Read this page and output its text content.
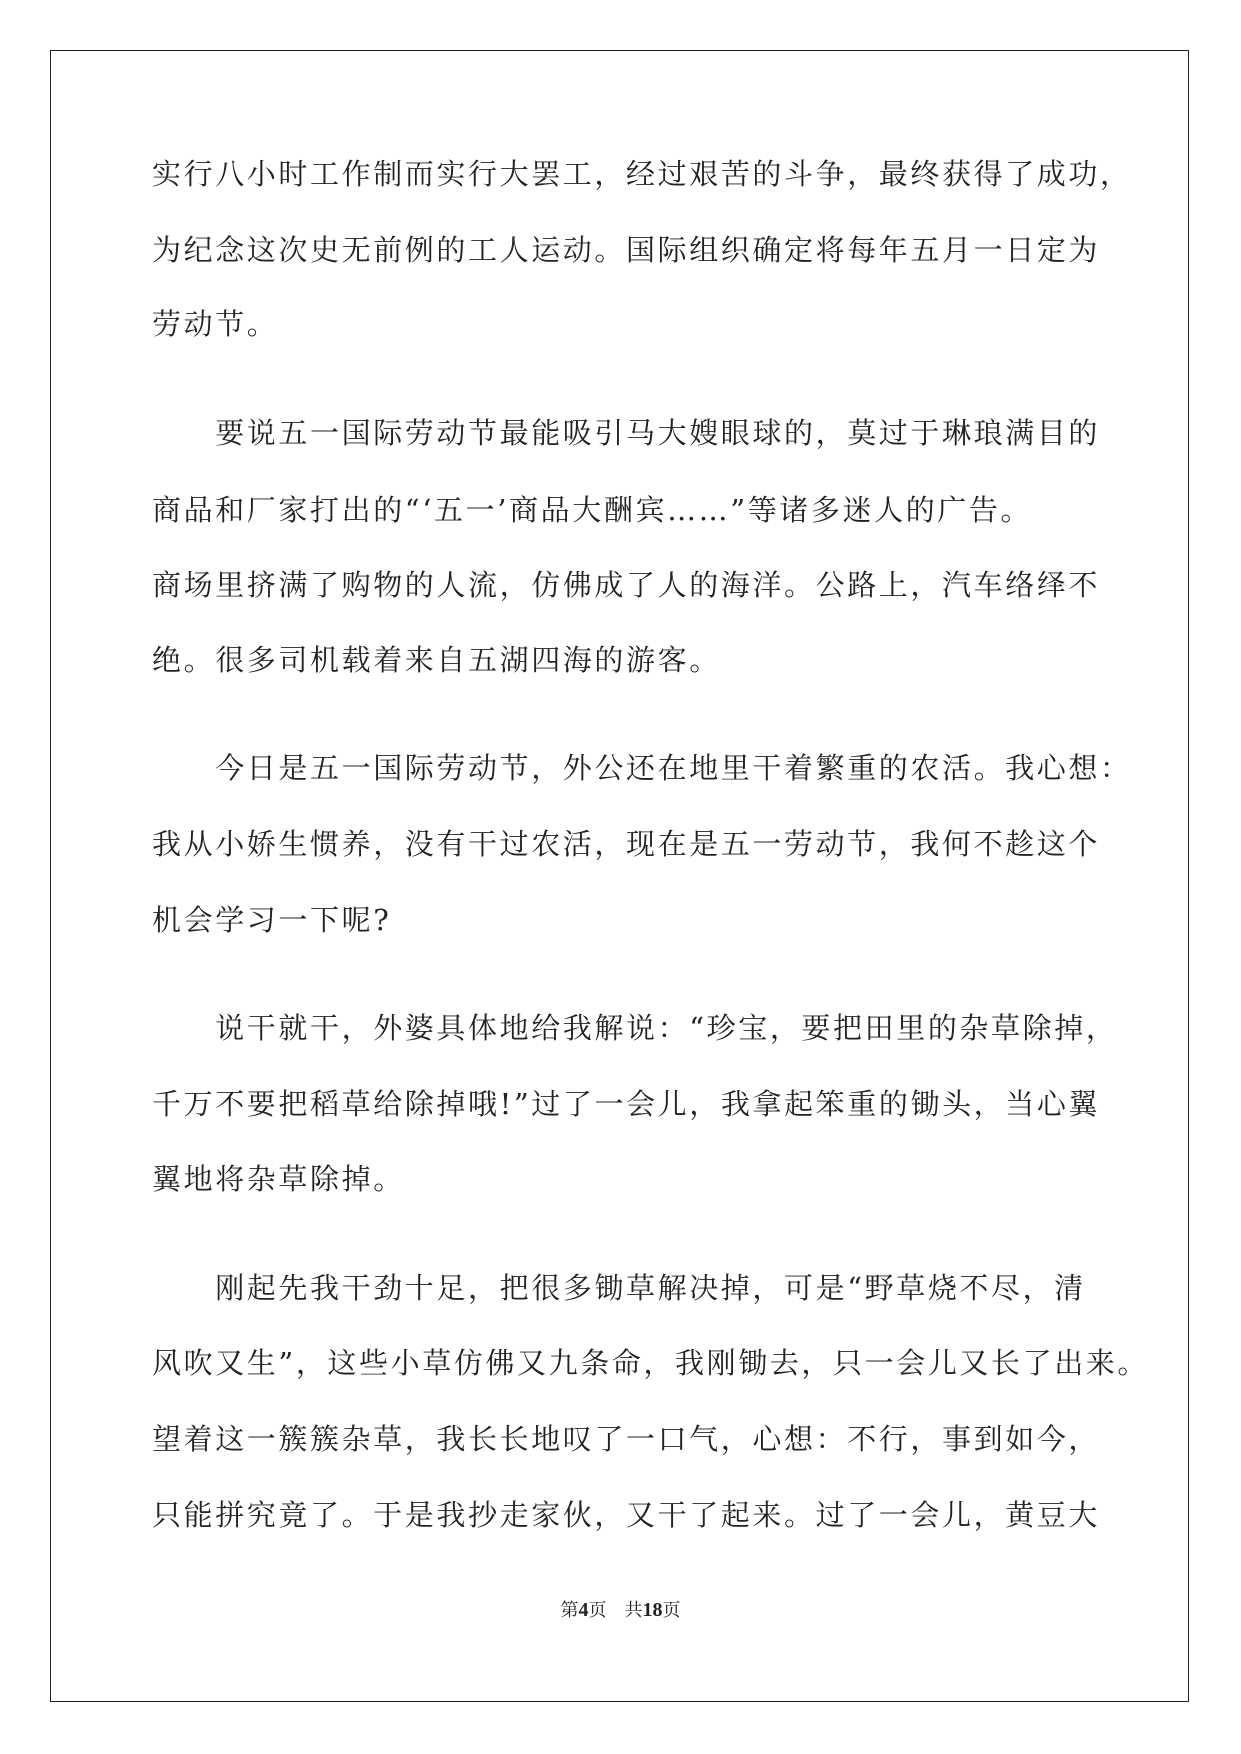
实行八小时工作制而实行大罢工，经过艰苦的斗争，最终获得了成功，
为纪念这次史无前例的工人运动。国际组织确定将每年五月一日定为
劳动节。
　　要说五一国际劳动节最能吸引马大嫂眼球的，莫过于琳琅满目的
商品和厂家打出的“‘五一’商品大酬宾……”等诸多迷人的广告。
商场里挤满了购物的人流，仿佛成了人的海洋。公路上，汽车络绎不
绝。很多司机载着来自五湖四海的游客。
　　今日是五一国际劳动节，外公还在地里干着繁重的农活。我心想：
我从小娇生惯养，没有干过农活，现在是五一劳动节，我何不趁这个
机会学习一下呢?
　　说干就干，外婆具体地给我解说：“珍宝，要把田里的杂草除掉，
千万不要把稻草给除掉哦!”过了一会儿，我拿起笨重的锄头，当心翼
翼地将杂草除掉。
　　刚起先我干劲十足，把很多锄草解决掉，可是“野草烧不尽，清
风吹又生”，这些小草仿佛又九条命，我刚锄去，只一会儿又长了出来。
望着这一簇簇杂草，我长长地叹了一口气，心想：不行，事到如今，
只能拼究竟了。于是我抄走家伙，又干了起来。过了一会儿，黄豆大
第4页　共18页
